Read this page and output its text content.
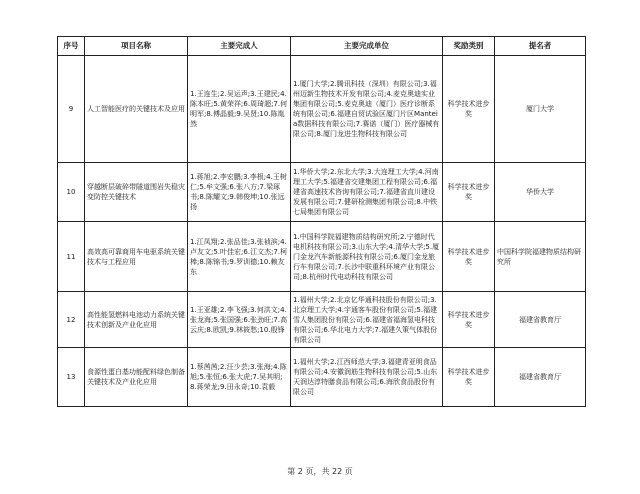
序号	项目名称	主要完成人	主要完成单位	奖励类别	提名者
9	人工智能医疗的关键技术及应用	1.王连生;2.吴运声;3.王建民;4.陈本旺;5.黄荣祥;6.周琦超;7.何明军;8.傅晶毅;9.吴贤;10.陈胤然	1.厦门大学;2.腾讯科技（深圳）有限公司;3.福州迈新生物技术开发有限公司;4.麦克奥迪实业集团有限公司;5.麦克奥迪（厦门）医疗诊断系统有限公司;6.福建自贸试验区厦门片区Manteia数据科技有限公司;7.赛诺（厦门）医疗器械有限公司;8.厦门龙进生物科技有限公司	科学技术进步奖	厦门大学
10	穿越断层破碎带隧道围岩失稳灾变防控关键技术	1.蒋旭;2.李宏鹏;3.李根;4.王树仁;5.牟文强;6.张八方;7.梁琢书;8.陈耀文;9.韩俊坤;10.张远扬	1.华侨大学;2.东北大学;3.大连理工大学;4.河南理工大学;5.福建省交建集团工程有限公司;6.福建省高速技术咨询有限公司;7.福建省直川建设发展有限公司;7.健研检测集团有限公司;8.中铁七局集团有限公司	科学技术进步奖	华侨大学
11	高效高可靠商用车电驱系统关键技术与工程应用	1.江凤翔;2.张品佳;3.张祯滨;4.卢友文;5.叶佳宏;6.江文杰;7.柯棒;8.陈锦书;9.罗训德;10.赖友东	1.中国科学院福建物质结构研究所;2.宁德时代电机科技有限公司;3.山东大学;4.清华大学;5.厦门金龙汽车新能源科技有限公司;6.厦门金龙旅行车有限公司;7.长沙中联重科环境产业有限公司;8.杭州时代电动科技有限公司	科学技术进步奖	中国科学院福建物质结构研究所
12	高性能氢燃料电池动力系统关键技术创新及产业化应用	1.王亚雄;2.李飞强;3.何洪文;4.张龙海;5.张国强;6.张劲旺;7.高云庆;8.欧凯;9.林筱愁;10.殷锋	1.福州大学;2.北京亿华通科技股份有限公司;3.北京理工大学;4.宇通客车股份有限公司;5.福建雪人集团股份有限公司;6.福建省福海氢电科技有限公司;6.华北电力大学;7.福建久策气体股份有限公司	科学技术进步奖	福建省教育厅
13	食源性蛋白基功能配料绿色制备关键技术及产业化应用	1.蔡茜茜;2.汪少芸;3.张海;4.陈旭;5.张恒;6.张大虎;7.吴其明;8.蒋荣龙;9.田永奇;10.袁毅	1.福州大学;2.江西师范大学;3.福建青亚明食品有限公司;4.安徽润筋生物科技有限公司;5.山东天润达淳特膳食品有限公司;6.海欣食品股份有限公司	科学技术进步奖	福建省教育厅
第 2 页，共 22 页
